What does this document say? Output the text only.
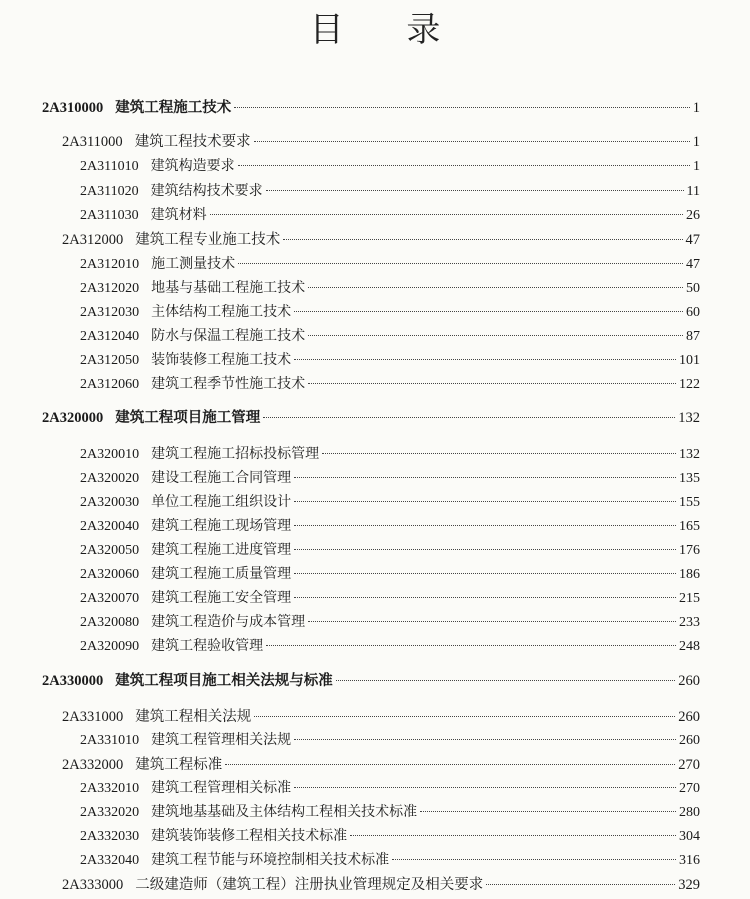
目 录
2A310000 建筑工程施工技术	1
2A311000 建筑工程技术要求	1
2A311010 建筑构造要求	1
2A311020 建筑结构技术要求	11
2A311030 建筑材料	26
2A312000 建筑工程专业施工技术	47
2A312010 施工测量技术	47
2A312020 地基与基础工程施工技术	50
2A312030 主体结构工程施工技术	60
2A312040 防水与保温工程施工技术	87
2A312050 装饰装修工程施工技术	101
2A312060 建筑工程季节性施工技术	122
2A320000 建筑工程项目施工管理	132
2A320010 建筑工程施工招标投标管理	132
2A320020 建设工程施工合同管理	135
2A320030 单位工程施工组织设计	155
2A320040 建筑工程施工现场管理	165
2A320050 建筑工程施工进度管理	176
2A320060 建筑工程施工质量管理	186
2A320070 建筑工程施工安全管理	215
2A320080 建筑工程造价与成本管理	233
2A320090 建筑工程验收管理	248
2A330000 建筑工程项目施工相关法规与标准	260
2A331000 建筑工程相关法规	260
2A331010 建筑工程管理相关法规	260
2A332000 建筑工程标准	270
2A332010 建筑工程管理相关标准	270
2A332020 建筑地基基础及主体结构工程相关技术标准	280
2A332030 建筑装饰装修工程相关技术标准	304
2A332040 建筑工程节能与环境控制相关技术标准	316
2A333000 二级建造师（建筑工程）注册执业管理规定及相关要求	329
